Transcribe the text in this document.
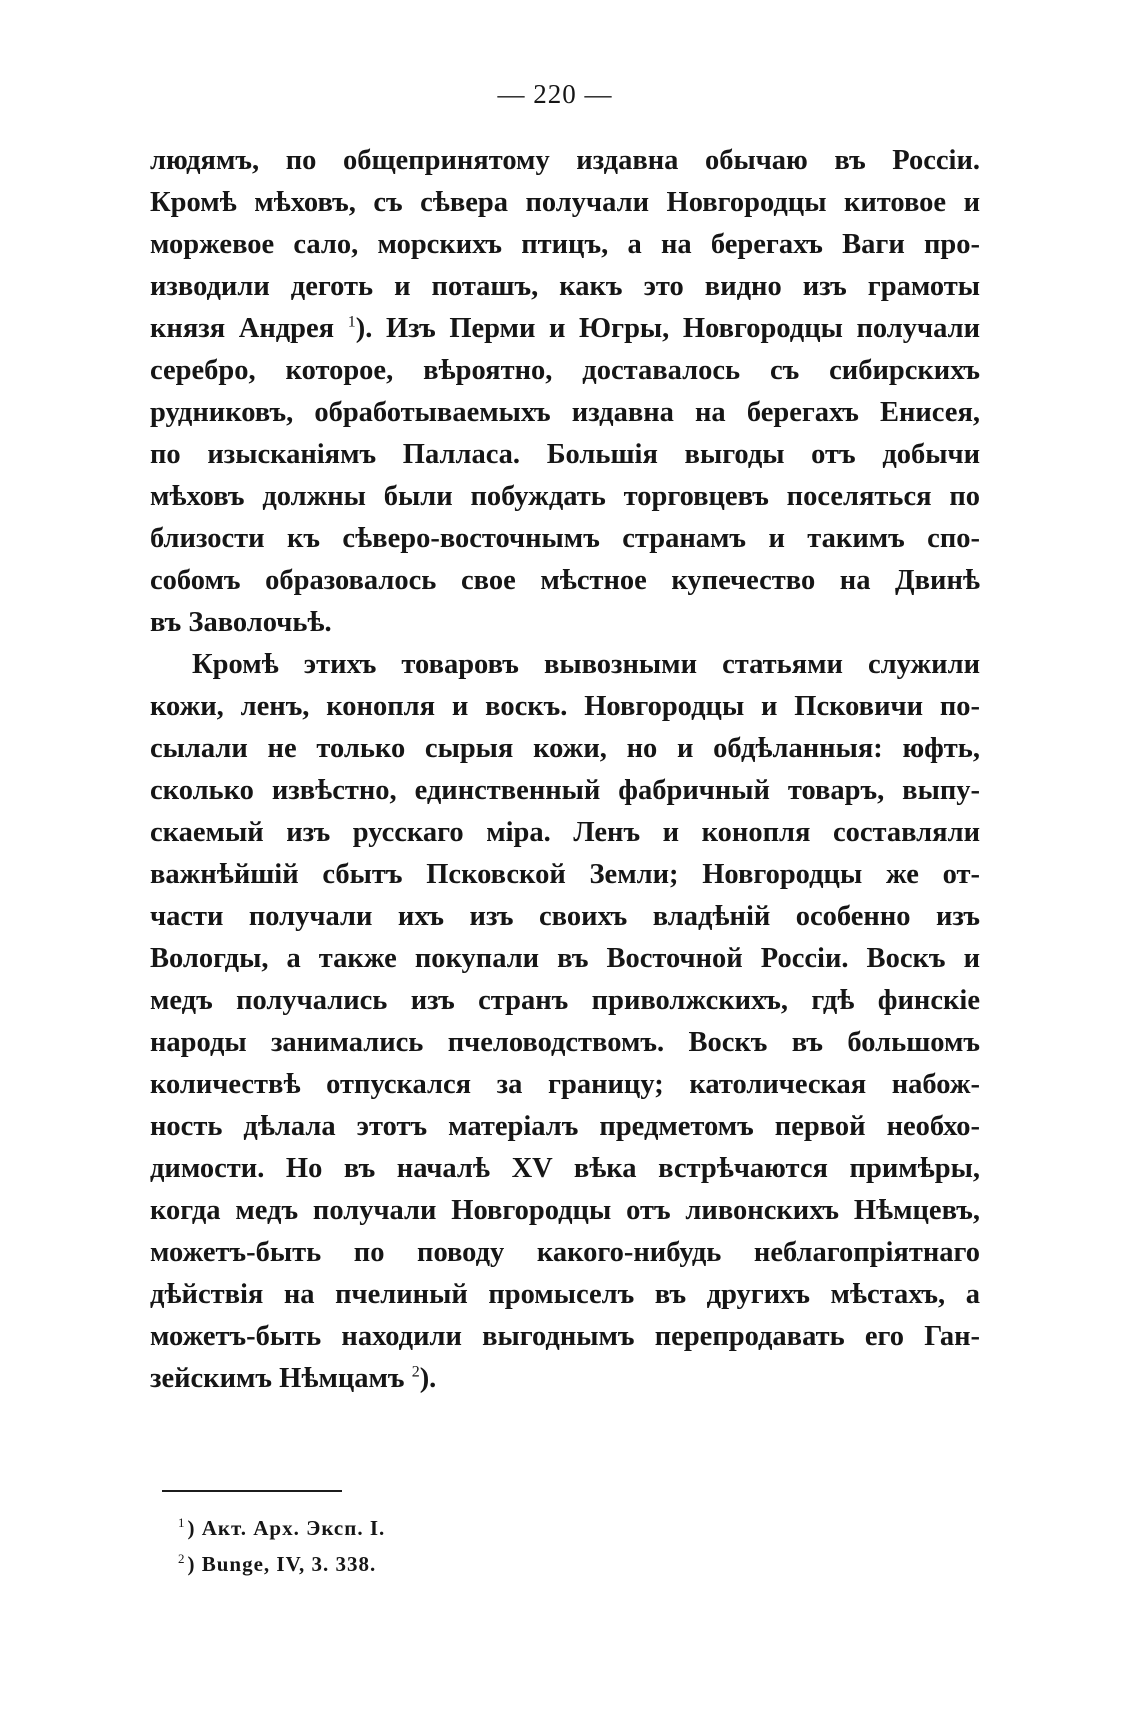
— 220 —
людямъ, по общепринятому издавна обычаю въ Россіи.
Кромѣ мѣховъ, съ сѣвера получали Новгородцы китовое и
моржевое сало, морскихъ птицъ, а на берегахъ Ваги про-
изводили деготь и поташъ, какъ это видно изъ грамоты
князя Андрея $^1$). Изъ Перми и Югры, Новгородцы получали
серебро, которое, вѣроятно, доставалось съ сибирскихъ
рудниковъ, обработываемыхъ издавна на берегахъ Енисея,
по изысканіямъ Палласа. Большія выгоды отъ добычи
мѣховъ должны были побуждать торговцевъ поселяться по
близости къ сѣверо-восточнымъ странамъ и такимъ спо-
собомъ образовалось свое мѣстное купечество на Двинѣ
въ Заволочьѣ.
Кромѣ этихъ товаровъ вывозными статьями служили
кожи, ленъ, конопля и воскъ. Новгородцы и Псковичи по-
сылали не только сырыя кожи, но и обдѣланныя: юфть,
сколько извѣстно, единственный фабричный товаръ, выпу-
скаемый изъ русскаго міра. Ленъ и конопля составляли
важнѣйшій сбытъ Псковской Земли; Новгородцы же от-
части получали ихъ изъ своихъ владѣній особенно изъ
Вологды, а также покупали въ Восточной Россіи. Воскъ и
медъ получались изъ странъ приволжскихъ, гдѣ финскіе
народы занимались пчеловодствомъ. Воскъ въ большомъ
количествѣ отпускался за границу; католическая набож-
ность дѣлала этотъ матеріалъ предметомъ первой необхо-
димости. Но въ началѣ XV вѣка встрѣчаются примѣры,
когда медъ получали Новгородцы отъ ливонскихъ Нѣмцевъ,
можетъ-быть по поводу какого-нибудь неблагопріятнаго
дѣйствія на пчелиный промыселъ въ другихъ мѣстахъ, а
можетъ-быть находили выгоднымъ перепродавать его Ган-
зейскимъ Нѣмцамъ $^2$).
$^1$) Акт. Арх. Эксп. I.
$^2$) Bunge, IV, 3. 338.
